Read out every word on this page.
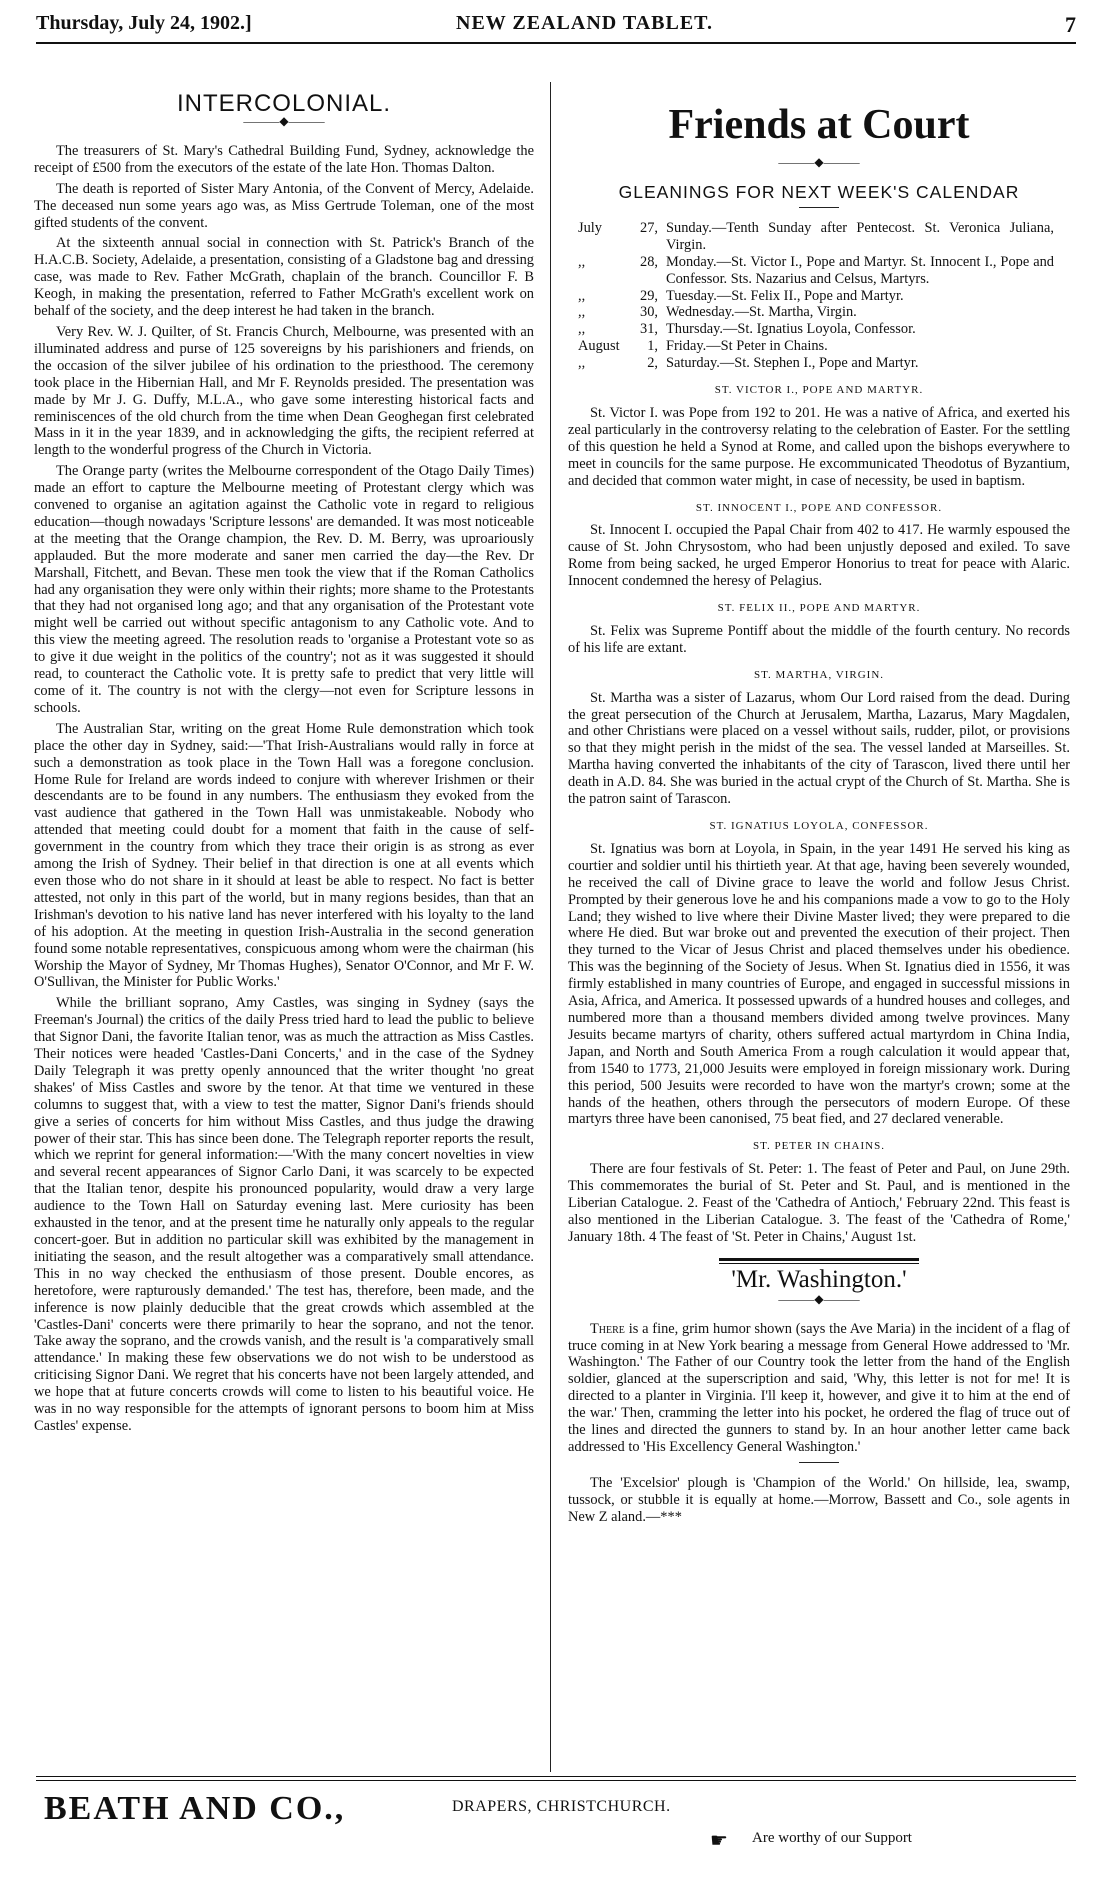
Thursday, July 24, 1902.]	NEW ZEALAND TABLET.	7
INTERCOLONIAL.
———◆———

The treasurers of St. Mary's Cathedral Building Fund, Sydney, acknowledge the receipt of £500 from the executors of the estate of the late Hon. Thomas Dalton.

The death is reported of Sister Mary Antonia, of the Convent of Mercy, Adelaide. The deceased nun some years ago was, as Miss Gertrude Toleman, one of the most gifted students of the convent.

At the sixteenth annual social in connection with St. Patrick's Branch of the H.A.C.B. Society, Adelaide, a presentation, consisting of a Gladstone bag and dressing case, was made to Rev. Father McGrath, chaplain of the branch. Councillor F. B Keogh, in making the presentation, referred to Father McGrath's excellent work on behalf of the society, and the deep interest he had taken in the branch.

Very Rev. W. J. Quilter, of St. Francis Church, Melbourne, was presented with an illuminated address and purse of 125 sovereigns by his parishioners and friends, on the occasion of the silver jubilee of his ordination to the priesthood. The ceremony took place in the Hibernian Hall, and Mr F. Reynolds presided. The presentation was made by Mr J. G. Duffy, M.L.A., who gave some interesting historical facts and reminiscences of the old church from the time when Dean Geoghegan first celebrated Mass in it in the year 1839, and in acknowledging the gifts, the recipient referred at length to the wonderful progress of the Church in Victoria.

The Orange party (writes the Melbourne correspondent of the Otago Daily Times) made an effort to capture the Melbourne meeting of Protestant clergy which was convened to organise an agitation against the Catholic vote in regard to religious education—though nowadays 'Scripture lessons' are demanded. It was most noticeable at the meeting that the Orange champion, the Rev. D. M. Berry, was uproariously applauded. But the more moderate and saner men carried the day—the Rev. Dr Marshall, Fitchett, and Bevan. These men took the view that if the Roman Catholics had any organisation they were only within their rights; more shame to the Protestants that they had not organised long ago; and that any organisation of the Protestant vote might well be carried out without specific antagonism to any Catholic vote. And to this view the meeting agreed. The resolution reads to 'organise a Protestant vote so as to give it due weight in the politics of the country'; not as it was suggested it should read, to counteract the Catholic vote. It is pretty safe to predict that very little will come of it. The country is not with the clergy—not even for Scripture lessons in schools.

The Australian Star, writing on the great Home Rule demonstration which took place the other day in Sydney, said:—'That Irish-Australians would rally in force at such a demonstration as took place in the Town Hall was a foregone conclusion. Home Rule for Ireland are words indeed to conjure with wherever Irishmen or their descendants are to be found in any numbers. The enthusiasm they evoked from the vast audience that gathered in the Town Hall was unmistakeable. Nobody who attended that meeting could doubt for a moment that faith in the cause of self-government in the country from which they trace their origin is as strong as ever among the Irish of Sydney. Their belief in that direction is one at all events which even those who do not share in it should at least be able to respect. No fact is better attested, not only in this part of the world, but in many regions besides, than that an Irishman's devotion to his native land has never interfered with his loyalty to the land of his adoption. At the meeting in question Irish-Australia in the second generation found some notable representatives, conspicuous among whom were the chairman (his Worship the Mayor of Sydney, Mr Thomas Hughes), Senator O'Connor, and Mr F. W. O'Sullivan, the Minister for Public Works.'

While the brilliant soprano, Amy Castles, was singing in Sydney (says the Freeman's Journal) the critics of the daily Press tried hard to lead the public to believe that Signor Dani, the favorite Italian tenor, was as much the attraction as Miss Castles. Their notices were headed 'Castles-Dani Concerts,' and in the case of the Sydney Daily Telegraph it was pretty openly announced that the writer thought 'no great shakes' of Miss Castles and swore by the tenor. At that time we ventured in these columns to suggest that, with a view to test the matter, Signor Dani's friends should give a series of concerts for him without Miss Castles, and thus judge the drawing power of their star. This has since been done. The Telegraph reporter reports the result, which we reprint for general information:—'With the many concert novelties in view and several recent appearances of Signor Carlo Dani, it was scarcely to be expected that the Italian tenor, despite his pronounced popularity, would draw a very large audience to the Town Hall on Saturday evening last. Mere curiosity has been exhausted in the tenor, and at the present time he naturally only appeals to the regular concert-goer. But in addition no particular skill was exhibited by the management in initiating the season, and the result altogether was a comparatively small attendance. This in no way checked the enthusiasm of those present. Double encores, as heretofore, were rapturously demanded.' The test has, therefore, been made, and the inference is now plainly deducible that the great crowds which assembled at the 'Castles-Dani' concerts were there primarily to hear the soprano, and not the tenor. Take away the soprano, and the crowds vanish, and the result is 'a comparatively small attendance.' In making these few observations we do not wish to be understood as criticising Signor Dani. We regret that his concerts have not been largely attended, and we hope that at future concerts crowds will come to listen to his beautiful voice. He was in no way responsible for the attempts of ignorant persons to boom him at Miss Castles' expense.

Friends at Court
———◆———
GLEANINGS FOR NEXT WEEK'S CALENDAR
July	27,	Sunday.—Tenth Sunday after Pentecost. St. Veronica Juliana, Virgin.
,,	28,	Monday.—St. Victor I., Pope and Martyr. St. Innocent I., Pope and Confessor. Sts. Nazarius and Celsus, Martyrs.
,,	29,	Tuesday.—St. Felix II., Pope and Martyr.
,,	30,	Wednesday.—St. Martha, Virgin.
,,	31,	Thursday.—St. Ignatius Loyola, Confessor.
August	1,	Friday.—St Peter in Chains.
,,	2,	Saturday.—St. Stephen I., Pope and Martyr.
ST. VICTOR I., POPE AND MARTYR.

St. Victor I. was Pope from 192 to 201. He was a native of Africa, and exerted his zeal particularly in the controversy relating to the celebration of Easter. For the settling of this question he held a Synod at Rome, and called upon the bishops everywhere to meet in councils for the same purpose. He excommunicated Theodotus of Byzantium, and decided that common water might, in case of necessity, be used in baptism.

ST. INNOCENT I., POPE AND CONFESSOR.

St. Innocent I. occupied the Papal Chair from 402 to 417. He warmly espoused the cause of St. John Chrysostom, who had been unjustly deposed and exiled. To save Rome from being sacked, he urged Emperor Honorius to treat for peace with Alaric. Innocent condemned the heresy of Pelagius.

ST. FELIX II., POPE AND MARTYR.

St. Felix was Supreme Pontiff about the middle of the fourth century. No records of his life are extant.

ST. MARTHA, VIRGIN.

St. Martha was a sister of Lazarus, whom Our Lord raised from the dead. During the great persecution of the Church at Jerusalem, Martha, Lazarus, Mary Magdalen, and other Christians were placed on a vessel without sails, rudder, pilot, or provisions so that they might perish in the midst of the sea. The vessel landed at Marseilles. St. Martha having converted the inhabitants of the city of Tarascon, lived there until her death in A.D. 84. She was buried in the actual crypt of the Church of St. Martha. She is the patron saint of Tarascon.

ST. IGNATIUS LOYOLA, CONFESSOR.

St. Ignatius was born at Loyola, in Spain, in the year 1491 He served his king as courtier and soldier until his thirtieth year. At that age, having been severely wounded, he received the call of Divine grace to leave the world and follow Jesus Christ. Prompted by their generous love he and his companions made a vow to go to the Holy Land; they wished to live where their Divine Master lived; they were prepared to die where He died. But war broke out and prevented the execution of their project. Then they turned to the Vicar of Jesus Christ and placed themselves under his obedience. This was the beginning of the Society of Jesus. When St. Ignatius died in 1556, it was firmly established in many countries of Europe, and engaged in successful missions in Asia, Africa, and America. It possessed upwards of a hundred houses and colleges, and numbered more than a thousand members divided among twelve provinces. Many Jesuits became martyrs of charity, others suffered actual martyrdom in China India, Japan, and North and South America From a rough calculation it would appear that, from 1540 to 1773, 21,000 Jesuits were employed in foreign missionary work. During this period, 500 Jesuits were recorded to have won the martyr's crown; some at the hands of the heathen, others through the persecutors of modern Europe. Of these martyrs three have been canonised, 75 beat fied, and 27 declared venerable.

ST. PETER IN CHAINS.

There are four festivals of St. Peter: 1. The feast of Peter and Paul, on June 29th. This commemorates the burial of St. Peter and St. Paul, and is mentioned in the Liberian Catalogue. 2. Feast of the 'Cathedra of Antioch,' February 22nd. This feast is also mentioned in the Liberian Catalogue. 3. The feast of the 'Cathedra of Rome,' January 18th. 4 The feast of 'St. Peter in Chains,' August 1st.

'Mr. Washington.'
———◆———

There is a fine, grim humor shown (says the Ave Maria) in the incident of a flag of truce coming in at New York bearing a message from General Howe addressed to 'Mr. Washington.' The Father of our Country took the letter from the hand of the English soldier, glanced at the superscription and said, 'Why, this letter is not for me! It is directed to a planter in Virginia. I'll keep it, however, and give it to him at the end of the war.' Then, cramming the letter into his pocket, he ordered the flag of truce out of the lines and directed the gunners to stand by. In an hour another letter came back addressed to 'His Excellency General Washington.'

The 'Excelsior' plough is 'Champion of the World.' On hillside, lea, swamp, tussock, or stubble it is equally at home.—Morrow, Bassett and Co., sole agents in New Z aland.—***

BEATH AND CO.,	DRAPERS, CHRISTCHURCH.
☛ Are worthy of our Support
